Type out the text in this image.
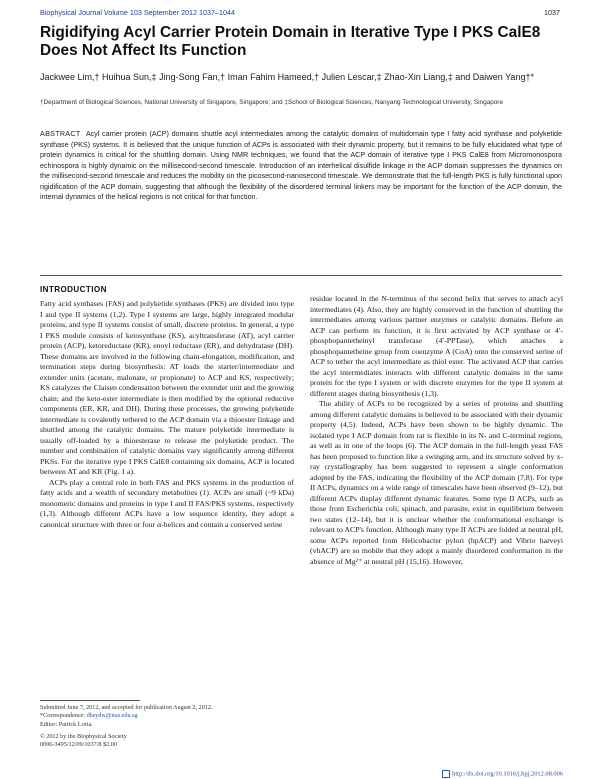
Biophysical Journal Volume 103 September 2012 1037–1044	1037
Rigidifying Acyl Carrier Protein Domain in Iterative Type I PKS CalE8 Does Not Affect Its Function
Jackwee Lim,† Huihua Sun,‡ Jing-Song Fan,† Iman Fahim Hameed,† Julien Lescar,‡ Zhao-Xin Liang,‡ and Daiwen Yang†*
†Department of Biological Sciences, National University of Singapore, Singapore; and ‡School of Biological Sciences, Nanyang Technological University, Singapore
ABSTRACT Acyl carrier protein (ACP) domains shuttle acyl intermediates among the catalytic domains of multidomain type I fatty acid synthase and polyketide synthase (PKS) systems. It is believed that the unique function of ACPs is associated with their dynamic property, but it remains to be fully elucidated what type of protein dynamics is critical for the shuttling domain. Using NMR techniques, we found that the ACP domain of iterative type I PKS CalE8 from Micromonospora echinospora is highly dynamic on the millisecond-second timescale. Introduction of an interhelical disulfide linkage in the ACP domain suppresses the dynamics on the millisecond-second timescale and reduces the mobility on the picosecond-nanosecond timescale. We demonstrate that the full-length PKS is fully functional upon rigidification of the ACP domain, suggesting that although the flexibility of the disordered terminal linkers may be important for the function of the ACP domain, the internal dynamics of the helical regions is not critical for that function.
INTRODUCTION

Fatty acid synthases (FAS) and polyketide synthases (PKS) are divided into type I and type II systems (1,2). Type I systems are large, highly integrated modular proteins, and type II systems consist of small, discrete proteins. In general, a type I PKS module consists of ketosynthase (KS), acyltransferase (AT), acyl carrier protein (ACP), ketoreductase (KR), enoyl reductase (ER), and dehydratase (DH). These domains are involved in the following chain-elongation, modification, and termination steps during biosynthesis: AT loads the starter/intermediate and extender units (acetate, malonate, or propionate) to ACP and KS, respectively; KS catalyzes the Claisen condensation between the extender unit and the growing chain; and the keto-ester intermediate is then modified by the optional reductive components (ER, KR, and DH). During these processes, the growing polyketide intermediate is covalently tethered to the ACP domain via a thioester linkage and shuttled among the catalytic domains. The mature polyketide intermediate is usually off-loaded by a thioesterase to release the polyketide product. The number and combination of catalytic domains vary significantly among different PKSs. For the iterative type I PKS CalE8 containing six domains, ACP is located between AT and KR (Fig. 1 a).

ACPs play a central role in both FAS and PKS systems in the production of fatty acids and a wealth of secondary metabolites (1). ACPs are small (~9 kDa) monomeric domains and proteins in type I and II FAS/PKS systems, respectively (1,3). Although different ACPs have a low sequence identity, they adopt a canonical structure with three or four α-helices and contain a conserved serine

residue located in the N-terminus of the second helix that serves to attach acyl intermediates (4). Also, they are highly conserved in the function of shuttling the intermediates among various partner enzymes or catalytic domains. Before an ACP can perform its function, it is first activated by ACP synthase or 4′-phosphopantetheinyl transferase (4′-PPTase), which attaches a phosphopantetheine group from coenzyme A (CoA) onto the conserved serine of ACP to tether the acyl intermediate as thiol ester. The activated ACP that carries the acyl intermediates interacts with different catalytic domains in the same protein for the type I system or with discrete enzymes for the type II system at different stages during biosynthesis (1,3).

The ability of ACPs to be recognized by a series of proteins and shuttling among different catalytic domains is believed to be associated with their dynamic property (4,5). Indeed, ACPs have been shown to be highly dynamic. The isolated type I ACP domain from rat is flexible in its N- and C-terminal regions, as well as in one of the loops (6). The ACP domain in the full-length yeast FAS has been proposed to function like a swinging arm, and its structure solved by x-ray crystallography has been suggested to represent a single conformation adopted by the FAS, indicating the flexibility of the ACP domain (7,8). For type II ACPs, dynamics on a wide range of timescales have been observed (9–12), but different ACPs display different dynamic features. Some type II ACPs, such as those from Escherichia coli, spinach, and parasite, exist in equilibrium between two states (12–14), but it is unclear whether the conformational exchange is relevant to ACP's function. Although many type II ACPs are folded at neutral pH, some ACPs reported from Helicobacter pylori (hpACP) and Vibrio harveyi (vhACP) are so mobile that they adopt a mainly disordered conformation in the absence of Mg²⁺ at neutral pH (15,16). However,

Submitted June 7, 2012, and accepted for publication August 2, 2012.
*Correspondence: dbsydw@nus.edu.sg
Editor: Patrick Loria.
© 2012 by the Biophysical Society
0006-3495/12/09/1037/8 $2.00
http://dx.doi.org/10.1016/j.bpj.2012.08.006
